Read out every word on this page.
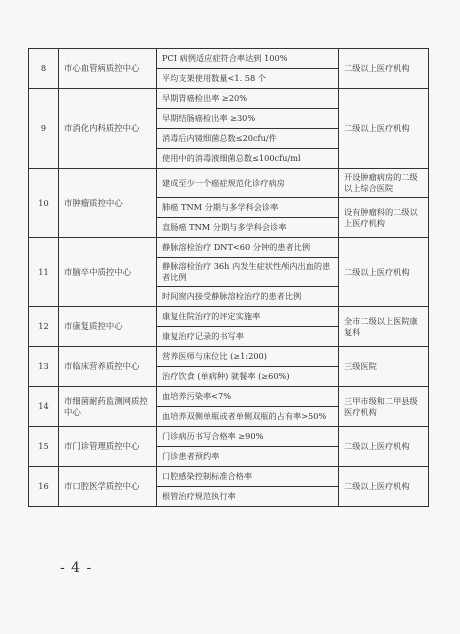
8	市心血管病质控中心	PCI 病例适应症符合率达到 100%	二级以上医疗机构
		平均支架使用数量<1. 58 个	
9	市消化内科质控中心	早期胃癌检出率 ≥20%	二级以上医疗机构
		早期结肠癌检出率 ≥30%	
		消毒后内镜细菌总数≤20cfu/件	
		使用中的消毒液细菌总数≤100cfu/ml	
10	市肿瘤质控中心	建成至少一个癌症规范化诊疗病房	开设肿瘤病房的二级以上综合医院
		肺癌 TNM 分期与多学科会诊率	设有肿瘤科的二级以上医疗机构
		直肠癌 TNM 分期与多学科会诊率	
11	市脑卒中质控中心	静脉溶栓治疗 DNT<60 分钟的患者比例	二级以上医疗机构
		静脉溶栓治疗 36h 内发生症状性颅内出血的患者比例	
		时间窗内接受静脉溶栓治疗的患者比例	
12	市康复质控中心	康复住院治疗的评定实施率	全市二级以上医院康复科
		康复治疗记录的书写率	
13	市临床营养质控中心	营养医师与床位比 (≥1:200)	三级医院
		治疗饮食 (单病种) 就餐率 (≥60%)	
14	市细菌耐药监测网质控中心	血培养污染率<7%	三甲市级和二甲县级医疗机构
		血培养双侧单瓶或者单侧双瓶的占有率>50%	
15	市门诊管理质控中心	门诊病历书写合格率 ≥90%	二级以上医疗机构
		门诊患者预约率	
16	市口腔医学质控中心	口腔感染控制标准合格率	二级以上医疗机构
		根管治疗规范执行率	
- 4 -
